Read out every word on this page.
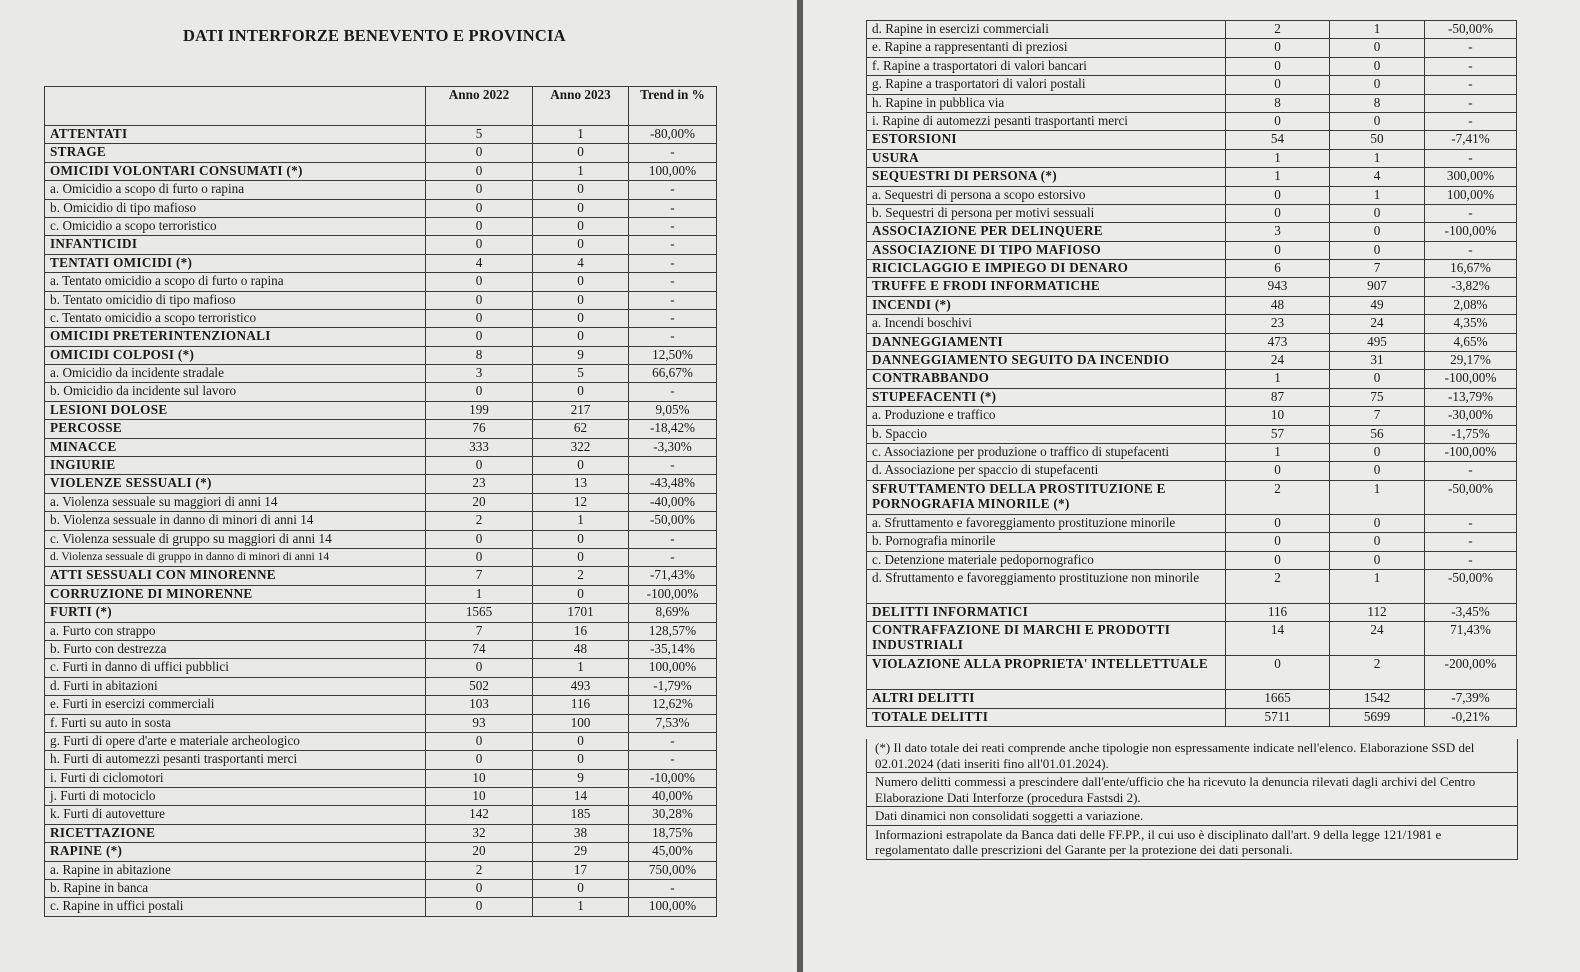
DATI INTERFORZE BENEVENTO E PROVINCIA
	Anno 2022	Anno 2023	Trend in %
ATTENTATI	5	1	-80,00%
STRAGE	0	0	-
OMICIDI VOLONTARI CONSUMATI (*)	0	1	100,00%
a. Omicidio a scopo di furto o rapina	0	0	-
b. Omicidio di tipo mafioso	0	0	-
c. Omicidio a scopo terroristico	0	0	-
INFANTICIDI	0	0	-
TENTATI OMICIDI (*)	4	4	-
a. Tentato omicidio a scopo di furto o rapina	0	0	-
b. Tentato omicidio di tipo mafioso	0	0	-
c. Tentato omicidio a scopo terroristico	0	0	-
OMICIDI PRETERINTENZIONALI	0	0	-
OMICIDI COLPOSI (*)	8	9	12,50%
a. Omicidio da incidente stradale	3	5	66,67%
b. Omicidio da incidente sul lavoro	0	0	-
LESIONI DOLOSE	199	217	9,05%
PERCOSSE	76	62	-18,42%
MINACCE	333	322	-3,30%
INGIURIE	0	0	-
VIOLENZE SESSUALI (*)	23	13	-43,48%
a. Violenza sessuale su maggiori di anni 14	20	12	-40,00%
b. Violenza sessuale in danno di minori di anni 14	2	1	-50,00%
c. Violenza sessuale di gruppo su maggiori di anni 14	0	0	-
d. Violenza sessuale di gruppo in danno di minori di anni 14	0	0	-
ATTI SESSUALI CON MINORENNE	7	2	-71,43%
CORRUZIONE DI MINORENNE	1	0	-100,00%
FURTI (*)	1565	1701	8,69%
a. Furto con strappo	7	16	128,57%
b. Furto con destrezza	74	48	-35,14%
c. Furti in danno di uffici pubblici	0	1	100,00%
d. Furti in abitazioni	502	493	-1,79%
e. Furti in esercizi commerciali	103	116	12,62%
f. Furti su auto in sosta	93	100	7,53%
g. Furti di opere d'arte e materiale archeologico	0	0	-
h. Furti di automezzi pesanti trasportanti merci	0	0	-
i. Furti di ciclomotori	10	9	-10,00%
j. Furti di motociclo	10	14	40,00%
k. Furti di autovetture	142	185	30,28%
RICETTAZIONE	32	38	18,75%
RAPINE (*)	20	29	45,00%
a. Rapine in abitazione	2	17	750,00%
b. Rapine in banca	0	0	-
c. Rapine in uffici postali	0	1	100,00%
d. Rapine in esercizi commerciali	2	1	-50,00%
e. Rapine a rappresentanti di preziosi	0	0	-
f. Rapine a trasportatori di valori bancari	0	0	-
g. Rapine a trasportatori di valori postali	0	0	-
h. Rapine in pubblica via	8	8	-
i. Rapine di automezzi pesanti trasportanti merci	0	0	-
ESTORSIONI	54	50	-7,41%
USURA	1	1	-
SEQUESTRI DI PERSONA (*)	1	4	300,00%
a. Sequestri di persona a scopo estorsivo	0	1	100,00%
b. Sequestri di persona per motivi sessuali	0	0	-
ASSOCIAZIONE PER DELINQUERE	3	0	-100,00%
ASSOCIAZIONE DI TIPO MAFIOSO	0	0	-
RICICLAGGIO E IMPIEGO DI DENARO	6	7	16,67%
TRUFFE E FRODI INFORMATICHE	943	907	-3,82%
INCENDI (*)	48	49	2,08%
a. Incendi boschivi	23	24	4,35%
DANNEGGIAMENTI	473	495	4,65%
DANNEGGIAMENTO SEGUITO DA INCENDIO	24	31	29,17%
CONTRABBANDO	1	0	-100,00%
STUPEFACENTI (*)	87	75	-13,79%
a. Produzione e traffico	10	7	-30,00%
b. Spaccio	57	56	-1,75%
c. Associazione per produzione o traffico di stupefacenti	1	0	-100,00%
d. Associazione per spaccio di stupefacenti	0	0	-
SFRUTTAMENTO DELLA PROSTITUZIONE E PORNOGRAFIA MINORILE (*)	2	1	-50,00%
a. Sfruttamento e favoreggiamento prostituzione minorile	0	0	-
b. Pornografia minorile	0	0	-
c. Detenzione materiale pedopornografico	0	0	-
d. Sfruttamento e favoreggiamento prostituzione non minorile	2	1	-50,00%
DELITTI INFORMATICI	116	112	-3,45%
CONTRAFFAZIONE DI MARCHI E PRODOTTI INDUSTRIALI	14	24	71,43%
VIOLAZIONE ALLA PROPRIETA' INTELLETTUALE	0	2	-200,00%
ALTRI DELITTI	1665	1542	-7,39%
TOTALE DELITTI	5711	5699	-0,21%
(*) Il dato totale dei reati comprende anche tipologie non espressamente indicate nell'elenco. Elaborazione SSD del 02.01.2024 (dati inseriti fino all'01.01.2024).
Numero delitti commessi a prescindere dall'ente/ufficio che ha ricevuto la denuncia rilevati dagli archivi del Centro Elaborazione Dati Interforze (procedura Fastsdi 2).
Dati dinamici non consolidati soggetti a variazione.
Informazioni estrapolate da Banca dati delle FF.PP., il cui uso è disciplinato dall'art. 9 della legge 121/1981 e regolamentato dalle prescrizioni del Garante per la protezione dei dati personali.
